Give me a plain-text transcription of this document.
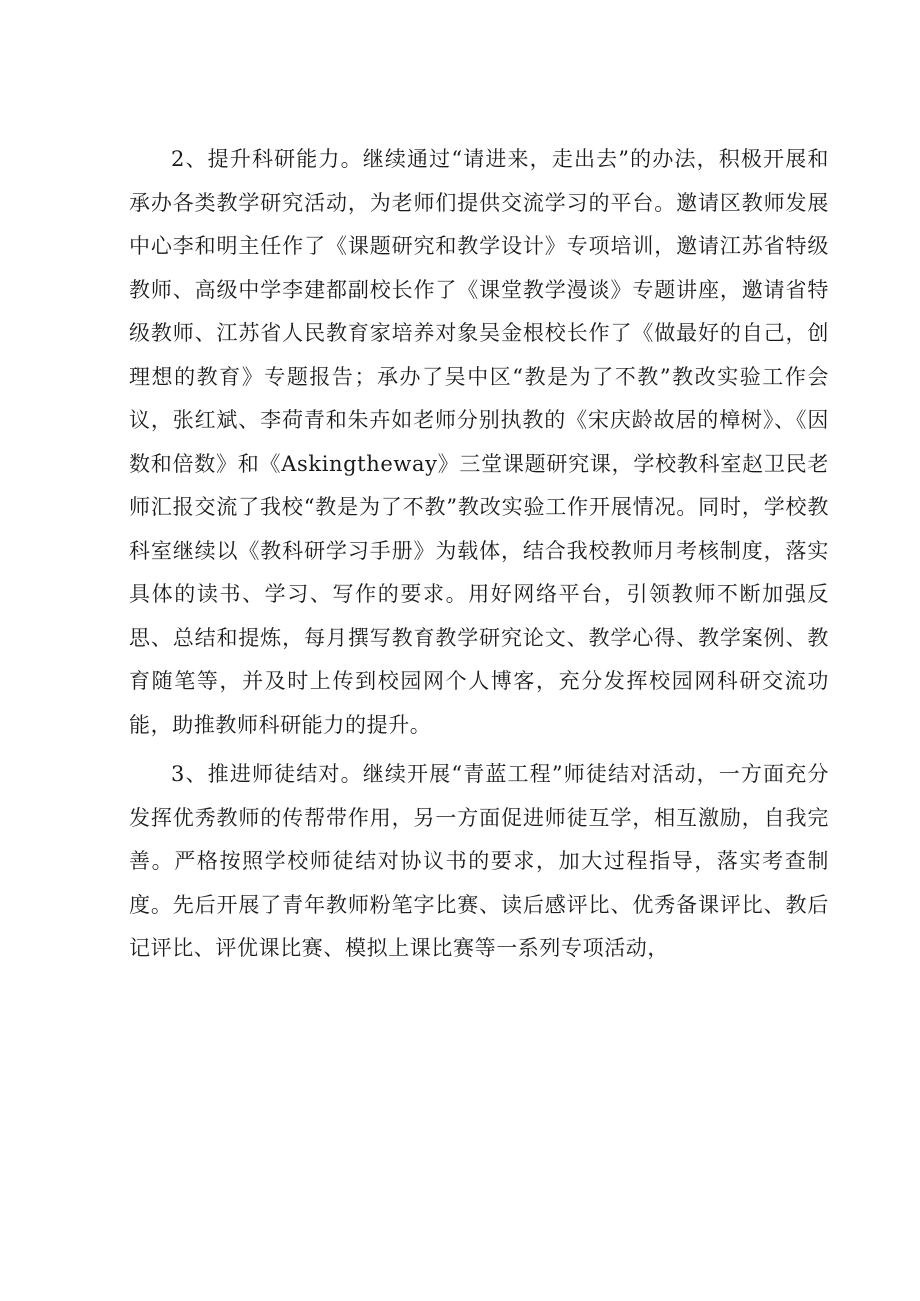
2、提升科研能力。继续通过“请进来，走出去”的办法，积极开展和承办各类教学研究活动，为老师们提供交流学习的平台。邀请区教师发展中心李和明主任作了《课题研究和教学设计》专项培训，邀请江苏省特级教师、高级中学李建都副校长作了《课堂教学漫谈》专题讲座，邀请省特级教师、江苏省人民教育家培养对象吴金根校长作了《做最好的自己，创理想的教育》专题报告；承办了吴中区“教是为了不教”教改实验工作会议，张红斌、李荷青和朱卉如老师分别执教的《宋庆龄故居的樟树》、《因数和倍数》和《Askingtheway》三堂课题研究课，学校教科室赵卫民老师汇报交流了我校“教是为了不教”教改实验工作开展情况。同时，学校教科室继续以《教科研学习手册》为载体，结合我校教师月考核制度，落实具体的读书、学习、写作的要求。用好网络平台，引领教师不断加强反思、总结和提炼，每月撰写教育教学研究论文、教学心得、教学案例、教育随笔等，并及时上传到校园网个人博客，充分发挥校园网科研交流功能，助推教师科研能力的提升。

3、推进师徒结对。继续开展“青蓝工程”师徒结对活动，一方面充分发挥优秀教师的传帮带作用，另一方面促进师徒互学，相互激励，自我完善。严格按照学校师徒结对协议书的要求，加大过程指导，落实考查制度。先后开展了青年教师粉笔字比赛、读后感评比、优秀备课评比、教后记评比、评优课比赛、模拟上课比赛等一系列专项活动，
